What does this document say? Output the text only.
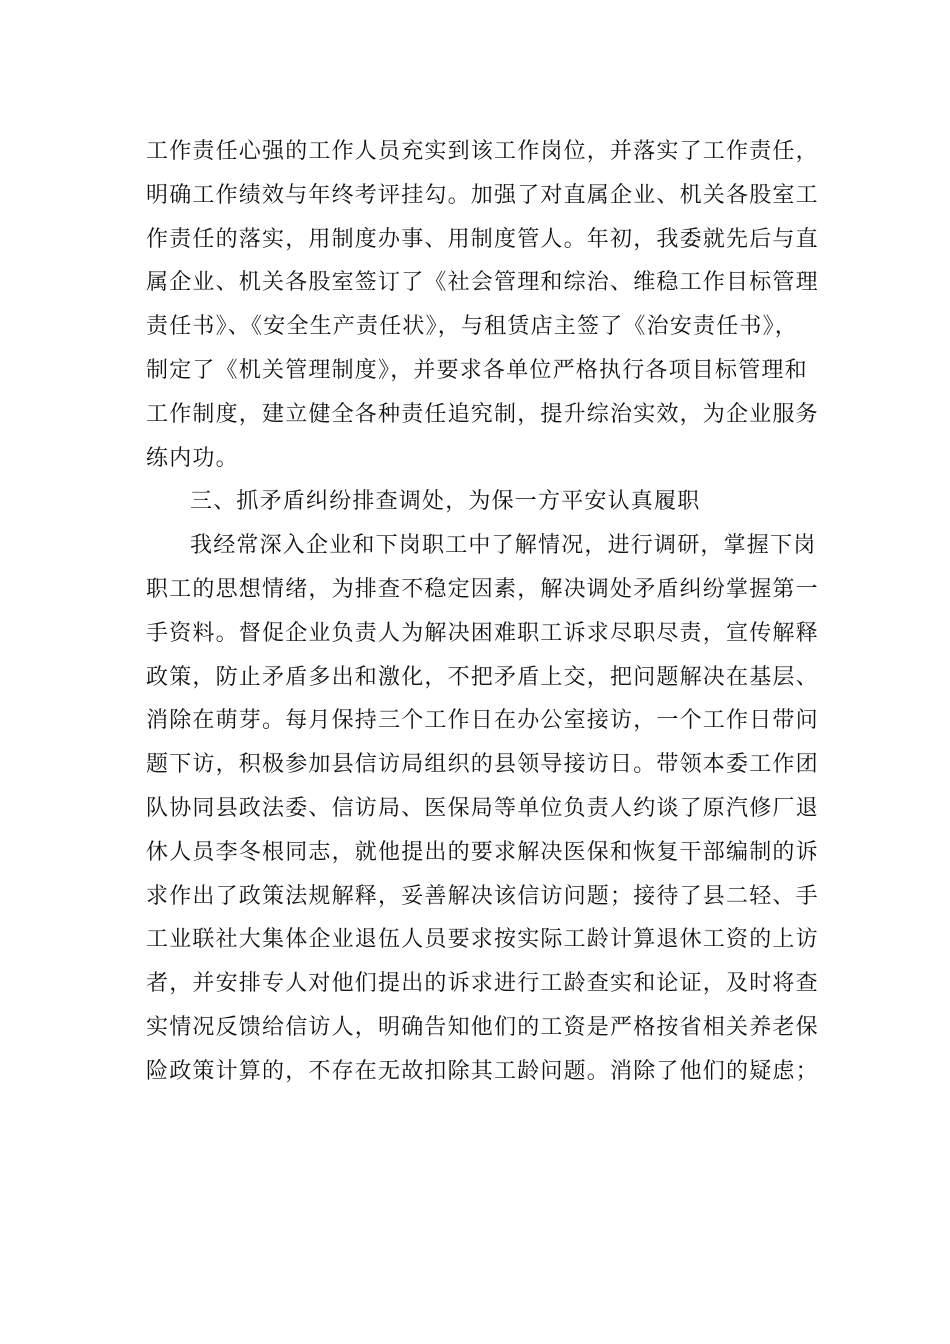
工作责任心强的工作人员充实到该工作岗位，并落实了工作责任，
明确工作绩效与年终考评挂勾。加强了对直属企业、机关各股室工
作责任的落实，用制度办事、用制度管人。年初，我委就先后与直
属企业、机关各股室签订了《社会管理和综治、维稳工作目标管理
责任书》、《安全生产责任状》，与租赁店主签了《治安责任书》，
制定了《机关管理制度》，并要求各单位严格执行各项目标管理和
工作制度，建立健全各种责任追究制，提升综治实效，为企业服务
练内功。
三、抓矛盾纠纷排查调处，为保一方平安认真履职
我经常深入企业和下岗职工中了解情况，进行调研，掌握下岗
职工的思想情绪，为排查不稳定因素，解决调处矛盾纠纷掌握第一
手资料。督促企业负责人为解决困难职工诉求尽职尽责，宣传解释
政策，防止矛盾多出和激化，不把矛盾上交，把问题解决在基层、
消除在萌芽。每月保持三个工作日在办公室接访，一个工作日带问
题下访，积极参加县信访局组织的县领导接访日。带领本委工作团
队协同县政法委、信访局、医保局等单位负责人约谈了原汽修厂退
休人员李冬根同志，就他提出的要求解决医保和恢复干部编制的诉
求作出了政策法规解释，妥善解决该信访问题；接待了县二轻、手
工业联社大集体企业退伍人员要求按实际工龄计算退休工资的上访
者，并安排专人对他们提出的诉求进行工龄查实和论证，及时将查
实情况反馈给信访人，明确告知他们的工资是严格按省相关养老保
险政策计算的，不存在无故扣除其工龄问题。消除了他们的疑虑；
